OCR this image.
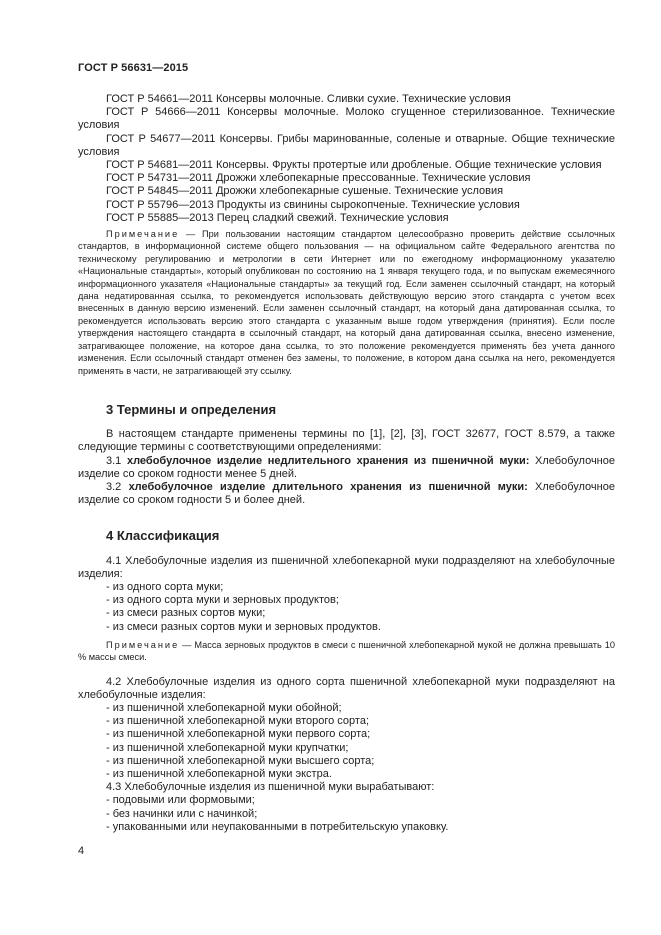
ГОСТ Р 56631—2015

ГОСТ Р 54661—2011 Консервы молочные. Сливки сухие. Технические условия

ГОСТ Р 54666—2011 Консервы молочные. Молоко сгущенное стерилизованное. Технические условия

ГОСТ Р 54677—2011 Консервы. Грибы маринованные, соленые и отварные. Общие технические условия

ГОСТ Р 54681—2011 Консервы. Фрукты протертые или дробленые. Общие технические условия

ГОСТ Р 54731—2011 Дрожжи хлебопекарные прессованные. Технические условия

ГОСТ Р 54845—2011 Дрожжи хлебопекарные сушеные. Технические условия

ГОСТ Р 55796—2013 Продукты из свинины сырокопченые. Технические условия

ГОСТ Р 55885—2013 Перец сладкий свежий. Технические условия

Примечание — При пользовании настоящим стандартом целесообразно проверить действие ссылочных стандартов, в информационной системе общего пользования — на официальном сайте Федерального агентства по техническому регулированию и метрологии в сети Интернет или по ежегодному информационному указателю «Национальные стандарты», который опубликован по состоянию на 1 января текущего года, и по выпускам ежемесячного информационного указателя «Национальные стандарты» за текущий год. Если заменен ссылочный стандарт, на который дана недатированная ссылка, то рекомендуется использовать действующую версию этого стандарта с учетом всех внесенных в данную версию изменений. Если заменен ссылочный стандарт, на который дана датированная ссылка, то рекомендуется использовать версию этого стандарта с указанным выше годом утверждения (принятия). Если после утверждения настоящего стандарта в ссылочный стандарт, на который дана датированная ссылка, внесено изменение, затрагивающее положение, на которое дана ссылка, то это положение рекомендуется применять без учета данного изменения. Если ссылочный стандарт отменен без замены, то положение, в котором дана ссылка на него, рекомендуется применять в части, не затрагивающей эту ссылку.

3 Термины и определения

В настоящем стандарте применены термины по [1], [2], [3], ГОСТ 32677, ГОСТ 8.579, а также следующие термины с соответствующими определениями:

3.1 хлебобулочное изделие недлительного хранения из пшеничной муки: Хлебобулочное изделие со сроком годности менее 5 дней.

3.2 хлебобулочное изделие длительного хранения из пшеничной муки: Хлебобулочное изделие со сроком годности 5 и более дней.

4 Классификация

4.1 Хлебобулочные изделия из пшеничной хлебопекарной муки подразделяют на хлебобулочные изделия:

- из одного сорта муки;

- из одного сорта муки и зерновых продуктов;

- из смеси разных сортов муки;

- из смеси разных сортов муки и зерновых продуктов.

Примечание — Масса зерновых продуктов в смеси с пшеничной хлебопекарной мукой не должна превышать 10 % массы смеси.

4.2 Хлебобулочные изделия из одного сорта пшеничной хлебопекарной муки подразделяют на хлебобулочные изделия:

- из пшеничной хлебопекарной муки обойной;

- из пшеничной хлебопекарной муки второго сорта;

- из пшеничной хлебопекарной муки первого сорта;

- из пшеничной хлебопекарной муки крупчатки;

- из пшеничной хлебопекарной муки высшего сорта;

- из пшеничной хлебопекарной муки экстра.

4.3 Хлебобулочные изделия из пшеничной муки вырабатывают:

- подовыми или формовыми;

- без начинки или с начинкой;

- упакованными или неупакованными в потребительскую упаковку.

4
